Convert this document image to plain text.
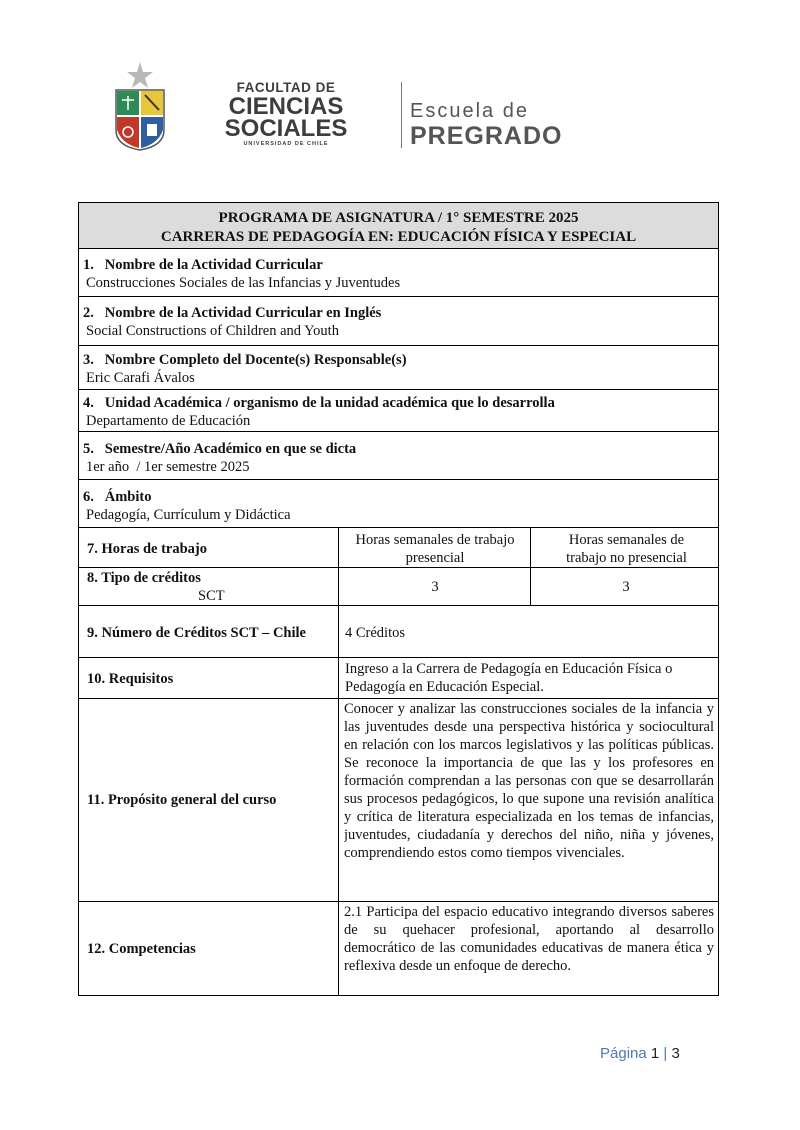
FACULTAD DE
CIENCIAS
SOCIALES
UNIVERSIDAD DE CHILE
Escuela de
PREGRADO
PROGRAMA DE ASIGNATURA / 1° SEMESTRE 2025
CARRERAS DE PEDAGOGÍA EN: EDUCACIÓN FÍSICA Y ESPECIAL
1. Nombre de la Actividad Curricular
Construcciones Sociales de las Infancias y Juventudes
2. Nombre de la Actividad Curricular en Inglés
Social Constructions of Children and Youth
3. Nombre Completo del Docente(s) Responsable(s)
Eric Carafi Ávalos
4. Unidad Académica / organismo de la unidad académica que lo desarrolla
Departamento de Educación
5. Semestre/Año Académico en que se dicta
1er año  / 1er semestre 2025
6. Ámbito
Pedagogía, Currículum y Didáctica
7. Horas de trabajo
Horas semanales de trabajo presencial
Horas semanales de trabajo no presencial
8. Tipo de créditos
SCT
3	3
9. Número de Créditos SCT – Chile	4 Créditos
10. Requisitos
Ingreso a la Carrera de Pedagogía en Educación Física o Pedagogía en Educación Especial.
11. Propósito general del curso
Conocer y analizar las construcciones sociales de la infancia y las juventudes desde una perspectiva histórica y sociocultural en relación con los marcos legislativos y las políticas públicas. Se reconoce la importancia de que las y los profesores en formación comprendan a las personas con que se desarrollarán sus procesos pedagógicos, lo que supone una revisión analítica y crítica de literatura especializada en los temas de infancias, juventudes, ciudadanía y derechos del niño, niña y jóvenes, comprendiendo estos como tiempos vivenciales.
12. Competencias
2.1 Participa del espacio educativo integrando diversos saberes de su quehacer profesional, aportando al desarrollo democrático de las comunidades educativas de manera ética y reflexiva desde un enfoque de derecho.
Página 1 | 3
